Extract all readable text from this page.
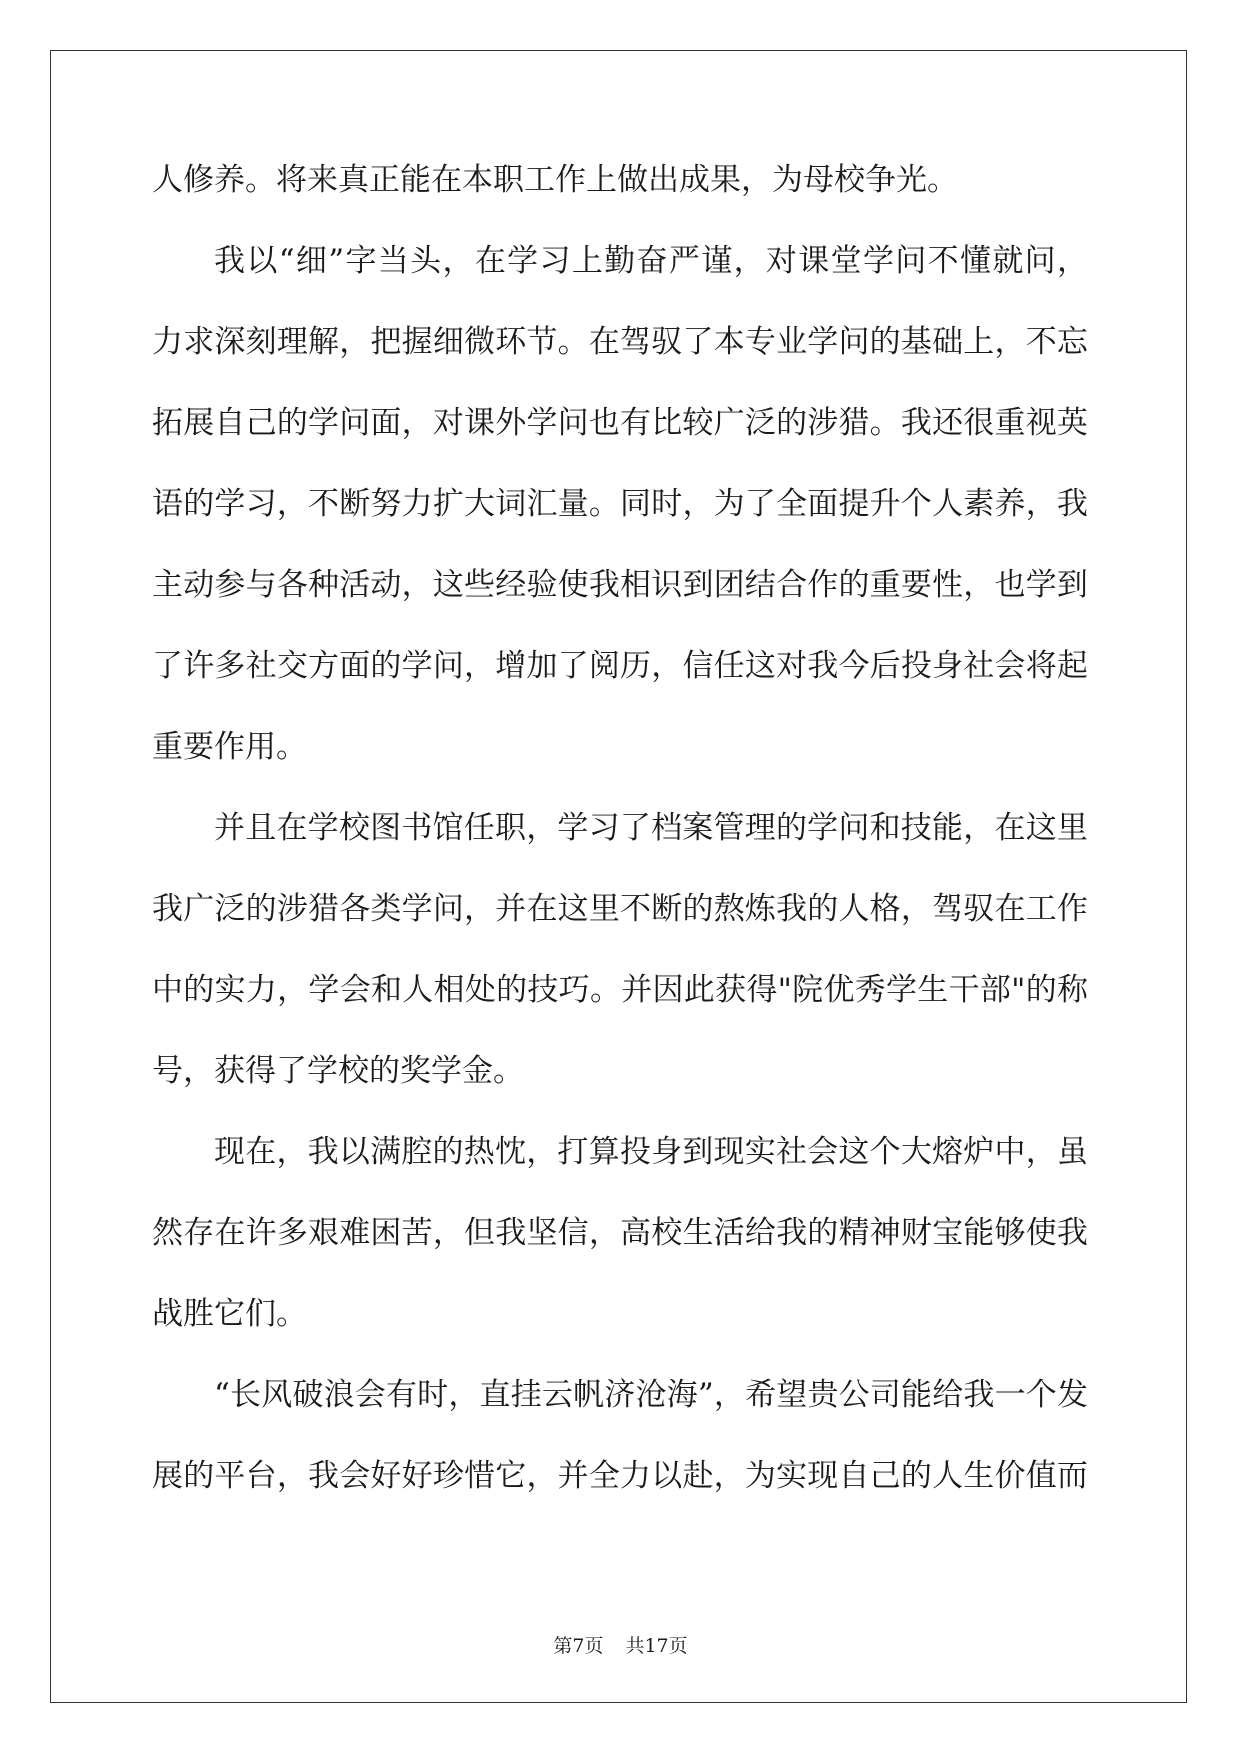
人修养。将来真正能在本职工作上做出成果，为母校争光。
我 以 “ 细 ” 字 当 头 ， 在 学 习 上 勤 奋 严 谨 ， 对 课 堂 学 问 不 懂 就 问 ，
力 求 深 刻 理 解 ， 把 握 细 微 环 节 。 在 驾 驭 了 本 专 业 学 问 的 基 础 上 ， 不 忘
拓 展 自 己 的 学 问 面 ， 对 课 外 学 问 也 有 比 较 广 泛 的 涉 猎 。 我 还 很 重 视 英
语 的 学 习 ， 不 断 努 力 扩 大 词 汇 量 。 同 时 ， 为 了 全 面 提 升 个 人 素 养 ， 我
主 动 参 与 各 种 活 动 ， 这 些 经 验 使 我 相 识 到 团 结 合 作 的 重 要 性 ， 也 学 到
了 许 多 社 交 方 面 的 学 问 ， 增 加 了 阅 历 ， 信 任 这 对 我 今 后 投 身 社 会 将 起
重要作用。
并 且 在 学 校 图 书 馆 任 职 ， 学 习 了 档 案 管 理 的 学 问 和 技 能 ， 在 这 里
我 广 泛 的 涉 猎 各 类 学 问 ， 并 在 这 里 不 断 的 熬 炼 我 的 人 格 ， 驾 驭 在 工 作
中 的 实 力 ， 学 会 和 人 相 处 的 技 巧 。 并 因 此 获 得 " 院 优 秀 学 生 干 部 " 的 称
号，获得了学校的奖学金。
现 在 ， 我 以 满 腔 的 热 忱 ， 打 算 投 身 到 现 实 社 会 这 个 大 熔 炉 中 ， 虽
然 存 在 许 多 艰 难 困 苦 ， 但 我 坚 信 ， 高 校 生 活 给 我 的 精 神 财 宝 能 够 使 我
战胜它们。
“ 长 风 破 浪 会 有 时 ， 直 挂 云 帆 济 沧 海 ” ， 希 望 贵 公 司 能 给 我 一 个 发
展 的 平 台 ， 我 会 好 好 珍 惜 它 ， 并 全 力 以 赴 ， 为 实 现 自 己 的 人 生 价 值 而
第7页 共17页
